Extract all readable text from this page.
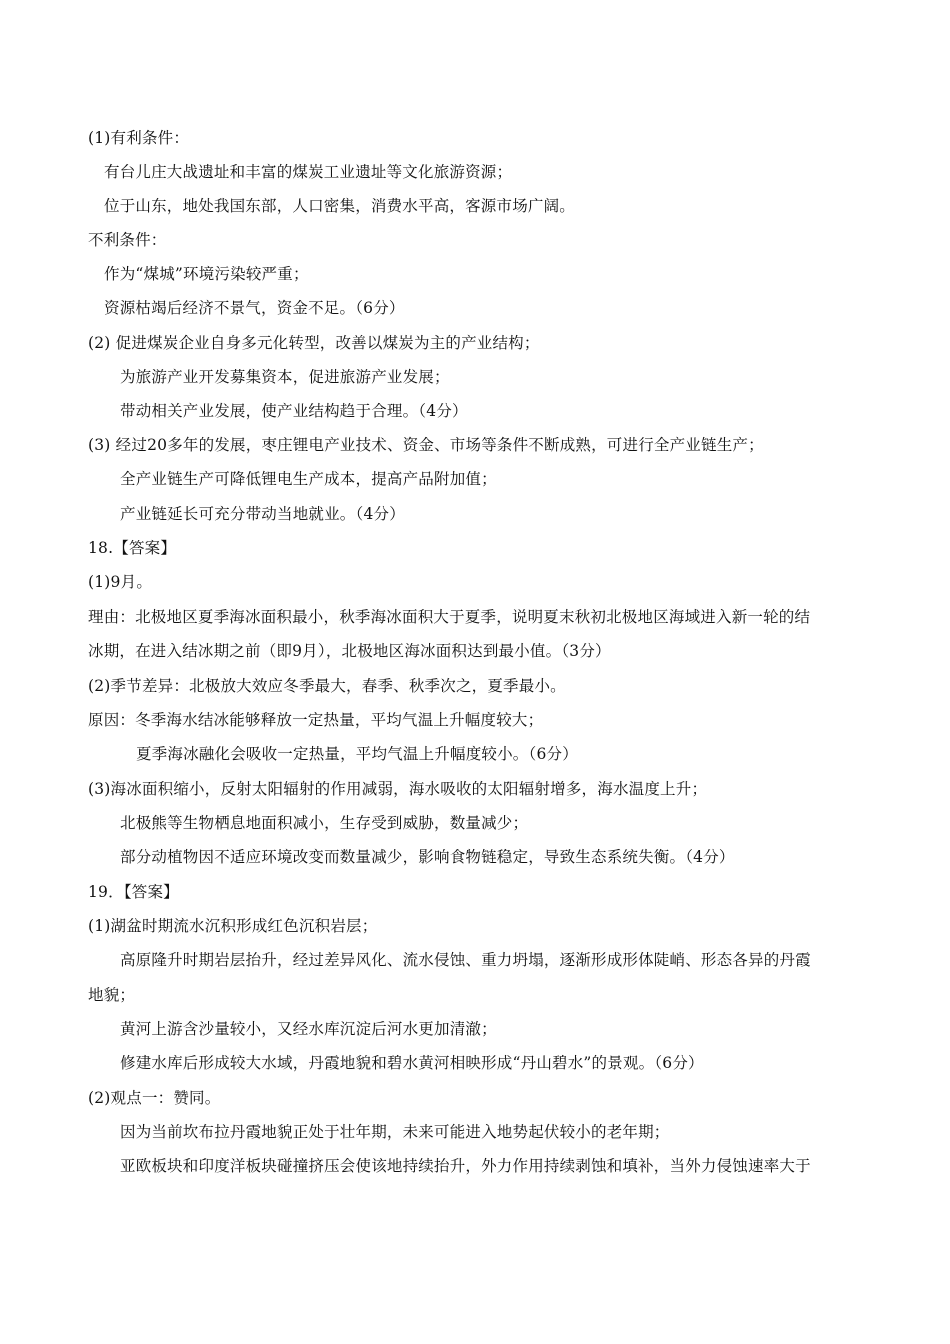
(1)有利条件：
有台儿庄大战遗址和丰富的煤炭工业遗址等文化旅游资源；
位于山东，地处我国东部，人口密集，消费水平高，客源市场广阔。
不利条件：
作为“煤城”环境污染较严重；
资源枯竭后经济不景气，资金不足。（6分）
(2) 促进煤炭企业自身多元化转型，改善以煤炭为主的产业结构；
为旅游产业开发募集资本，促进旅游产业发展；
带动相关产业发展，使产业结构趋于合理。（4分）
(3) 经过20多年的发展，枣庄锂电产业技术、资金、市场等条件不断成熟，可进行全产业链生产；
全产业链生产可降低锂电生产成本，提高产品附加值；
产业链延长可充分带动当地就业。（4分）
18.【答案】
(1)9月。
理由：北极地区夏季海冰面积最小，秋季海冰面积大于夏季，说明夏末秋初北极地区海域进入新一轮的结
冰期，在进入结冰期之前（即9月），北极地区海冰面积达到最小值。（3分）
(2)季节差异：北极放大效应冬季最大，春季、秋季次之，夏季最小。
原因：冬季海水结冰能够释放一定热量，平均气温上升幅度较大；
夏季海冰融化会吸收一定热量，平均气温上升幅度较小。（6分）
(3)海冰面积缩小，反射太阳辐射的作用减弱，海水吸收的太阳辐射增多，海水温度上升；
北极熊等生物栖息地面积减小，生存受到威胁，数量减少；
部分动植物因不适应环境改变而数量减少，影响食物链稳定，导致生态系统失衡。（4分）
19．【答案】
(1)湖盆时期流水沉积形成红色沉积岩层；
高原隆升时期岩层抬升，经过差异风化、流水侵蚀、重力坍塌，逐渐形成形体陡峭、形态各异的丹霞
地貌；
黄河上游含沙量较小，又经水库沉淀后河水更加清澈；
修建水库后形成较大水域，丹霞地貌和碧水黄河相映形成“丹山碧水”的景观。（6分）
(2)观点一：赞同。
因为当前坎布拉丹霞地貌正处于壮年期，未来可能进入地势起伏较小的老年期；
亚欧板块和印度洋板块碰撞挤压会使该地持续抬升，外力作用持续剥蚀和填补，当外力侵蚀速率大于
